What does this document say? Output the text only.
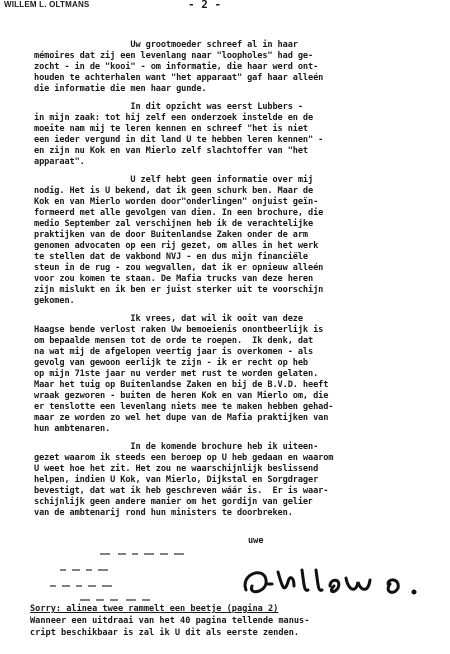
WILLEM L. OLTMANS	- 2 -
Uw grootmoeder schreef al in haar
mémoires dat zij een levenlang naar "loopholes" had ge-
zocht - in de "kooi" - om informatie, die haar werd ont-
houden te achterhalen want "het apparaat" gaf haar alleén
die informatie die men haar gunde.
In dit opzicht was eerst Lubbers -
in mijn zaak: tot hij zelf een onderzoek instelde en de
moeite nam mij te leren kennen en schreef "het is niet
een ieder vergund in dit land U te hebben leren kennen" -
en zijn nu Kok en van Mierlo zelf slachtoffer van "het
apparaat".
U zelf hebt geen informatie over mij
nodig. Het is U bekend, dat ik geen schurk ben. Maar de
Kok en van Mierlo worden door"onderlingen" onjuist geïn-
formeerd met alle gevolgen van dien. In een brochure, die
medio September zal verschijnen heb ik de verachtelijke
praktijken van de door Buitenlandse Zaken onder de arm
genomen advocaten op een rij gezet, om alles in het werk
te stellen dat de vakbond NVJ - en dus mijn financiële
steun in de rug - zou wegvallen, dat ik er opnieuw alleén
voor zou komen te staan. De Mafia trucks van deze heren
zijn mislukt en ik ben er juist sterker uit te voorschijn
gekomen.
Ik vrees, dat wil ik ooit van deze
Haagse bende verlost raken Uw bemoeienis onontbeerlijk is
om bepaalde mensen tot de orde te roepen.  Ik denk, dat
na wat mij de afgelopen veertig jaar is overkomen - als
gevolg van gewoon eerlijk te zijn - ik er recht op heb
op mijn 71ste jaar nu verder met rust te worden gelaten.
Maar het tuig op Buitenlandse Zaken en bij de B.V.D. heeft
wraak gezworen - buiten de heren Kok en van Mierlo om, die
er tenslotte een levenlang niets mee te maken hebben gehad-
maar ze worden zo wel het dupe van de Mafia praktijken van
hun ambtenaren.
In de komende brochure heb ik uiteen-
gezet waarom ik steeds een beroep op U heb gedaan en waarom
U weet hoe het zit. Het zou ne waarschijnlijk beslissend
helpen, indien U Kok, van Mierlo, Dijkstal en Sorgdrager
bevestigt, dat wat ik heb geschreven wáár is.  Er is waar-
schijnlijk geen andere manier om het gordijn van geliег
van de ambtenarij rond hun ministers te doorbreken.
uwe
Sorry: alinea twee rammelt een beetje (pagina 2)
Wanneer een uitdraai van het 40 pagina tellende manus-
cript beschikbaar is zal ik U dit als eerste zenden.
